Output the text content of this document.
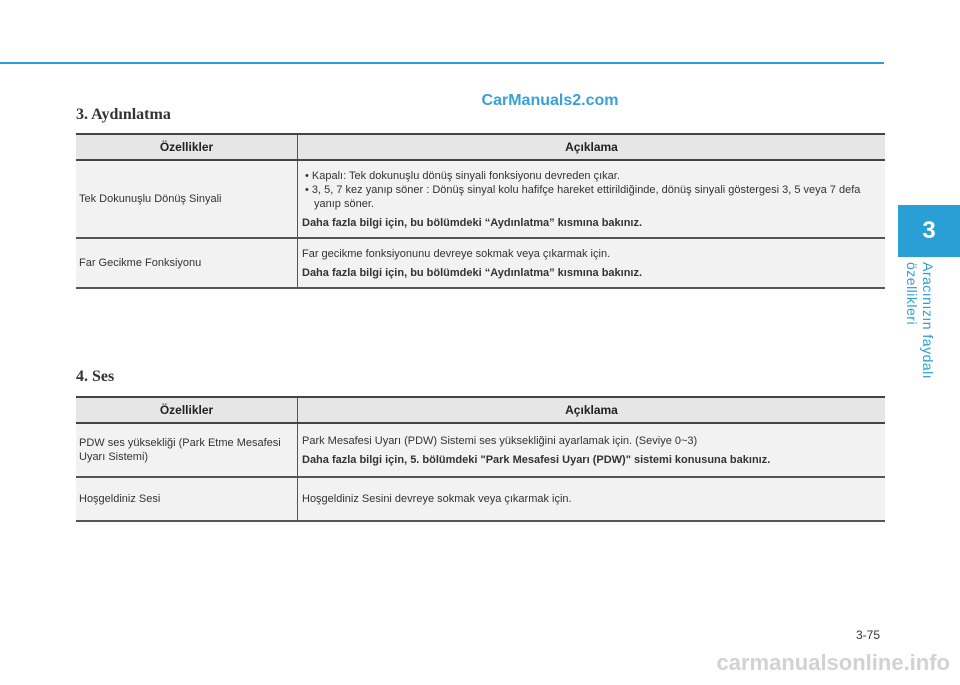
CarManuals2.com
3
Aracınızın faydalı özellikleri
3. Aydınlatma
Özellikler	Açıklama
Tek Dokunuşlu Dönüş Sinyali	• Kapalı: Tek dokunuşlu dönüş sinyali fonksiyonu devreden çıkar.
• 3, 5, 7 kez yanıp söner : Dönüş sinyal kolu hafifçe hareket ettirildiğinde, dönüş sinyali göstergesi 3, 5 veya 7 defa yanıp söner.
Daha fazla bilgi için, bu bölümdeki “Aydınlatma” kısmına bakınız.

Far Gecikme Fonksiyonu	Far gecikme fonksiyonunu devreye sokmak veya çıkarmak için.
Daha fazla bilgi için, bu bölümdeki “Aydınlatma” kısmına bakınız.
4. Ses
Özellikler	Açıklama
PDW ses yüksekliği (Park Etme Mesafesi Uyarı Sistemi)	Park Mesafesi Uyarı (PDW) Sistemi ses yüksekliğini ayarlamak için. (Seviye 0~3)
Daha fazla bilgi için, 5. bölümdeki "Park Mesafesi Uyarı (PDW)" sistemi konusuna bakınız.

Hoşgeldiniz Sesi	Hoşgeldiniz Sesini devreye sokmak veya çıkarmak için.
3-75
carmanualsonline.info
